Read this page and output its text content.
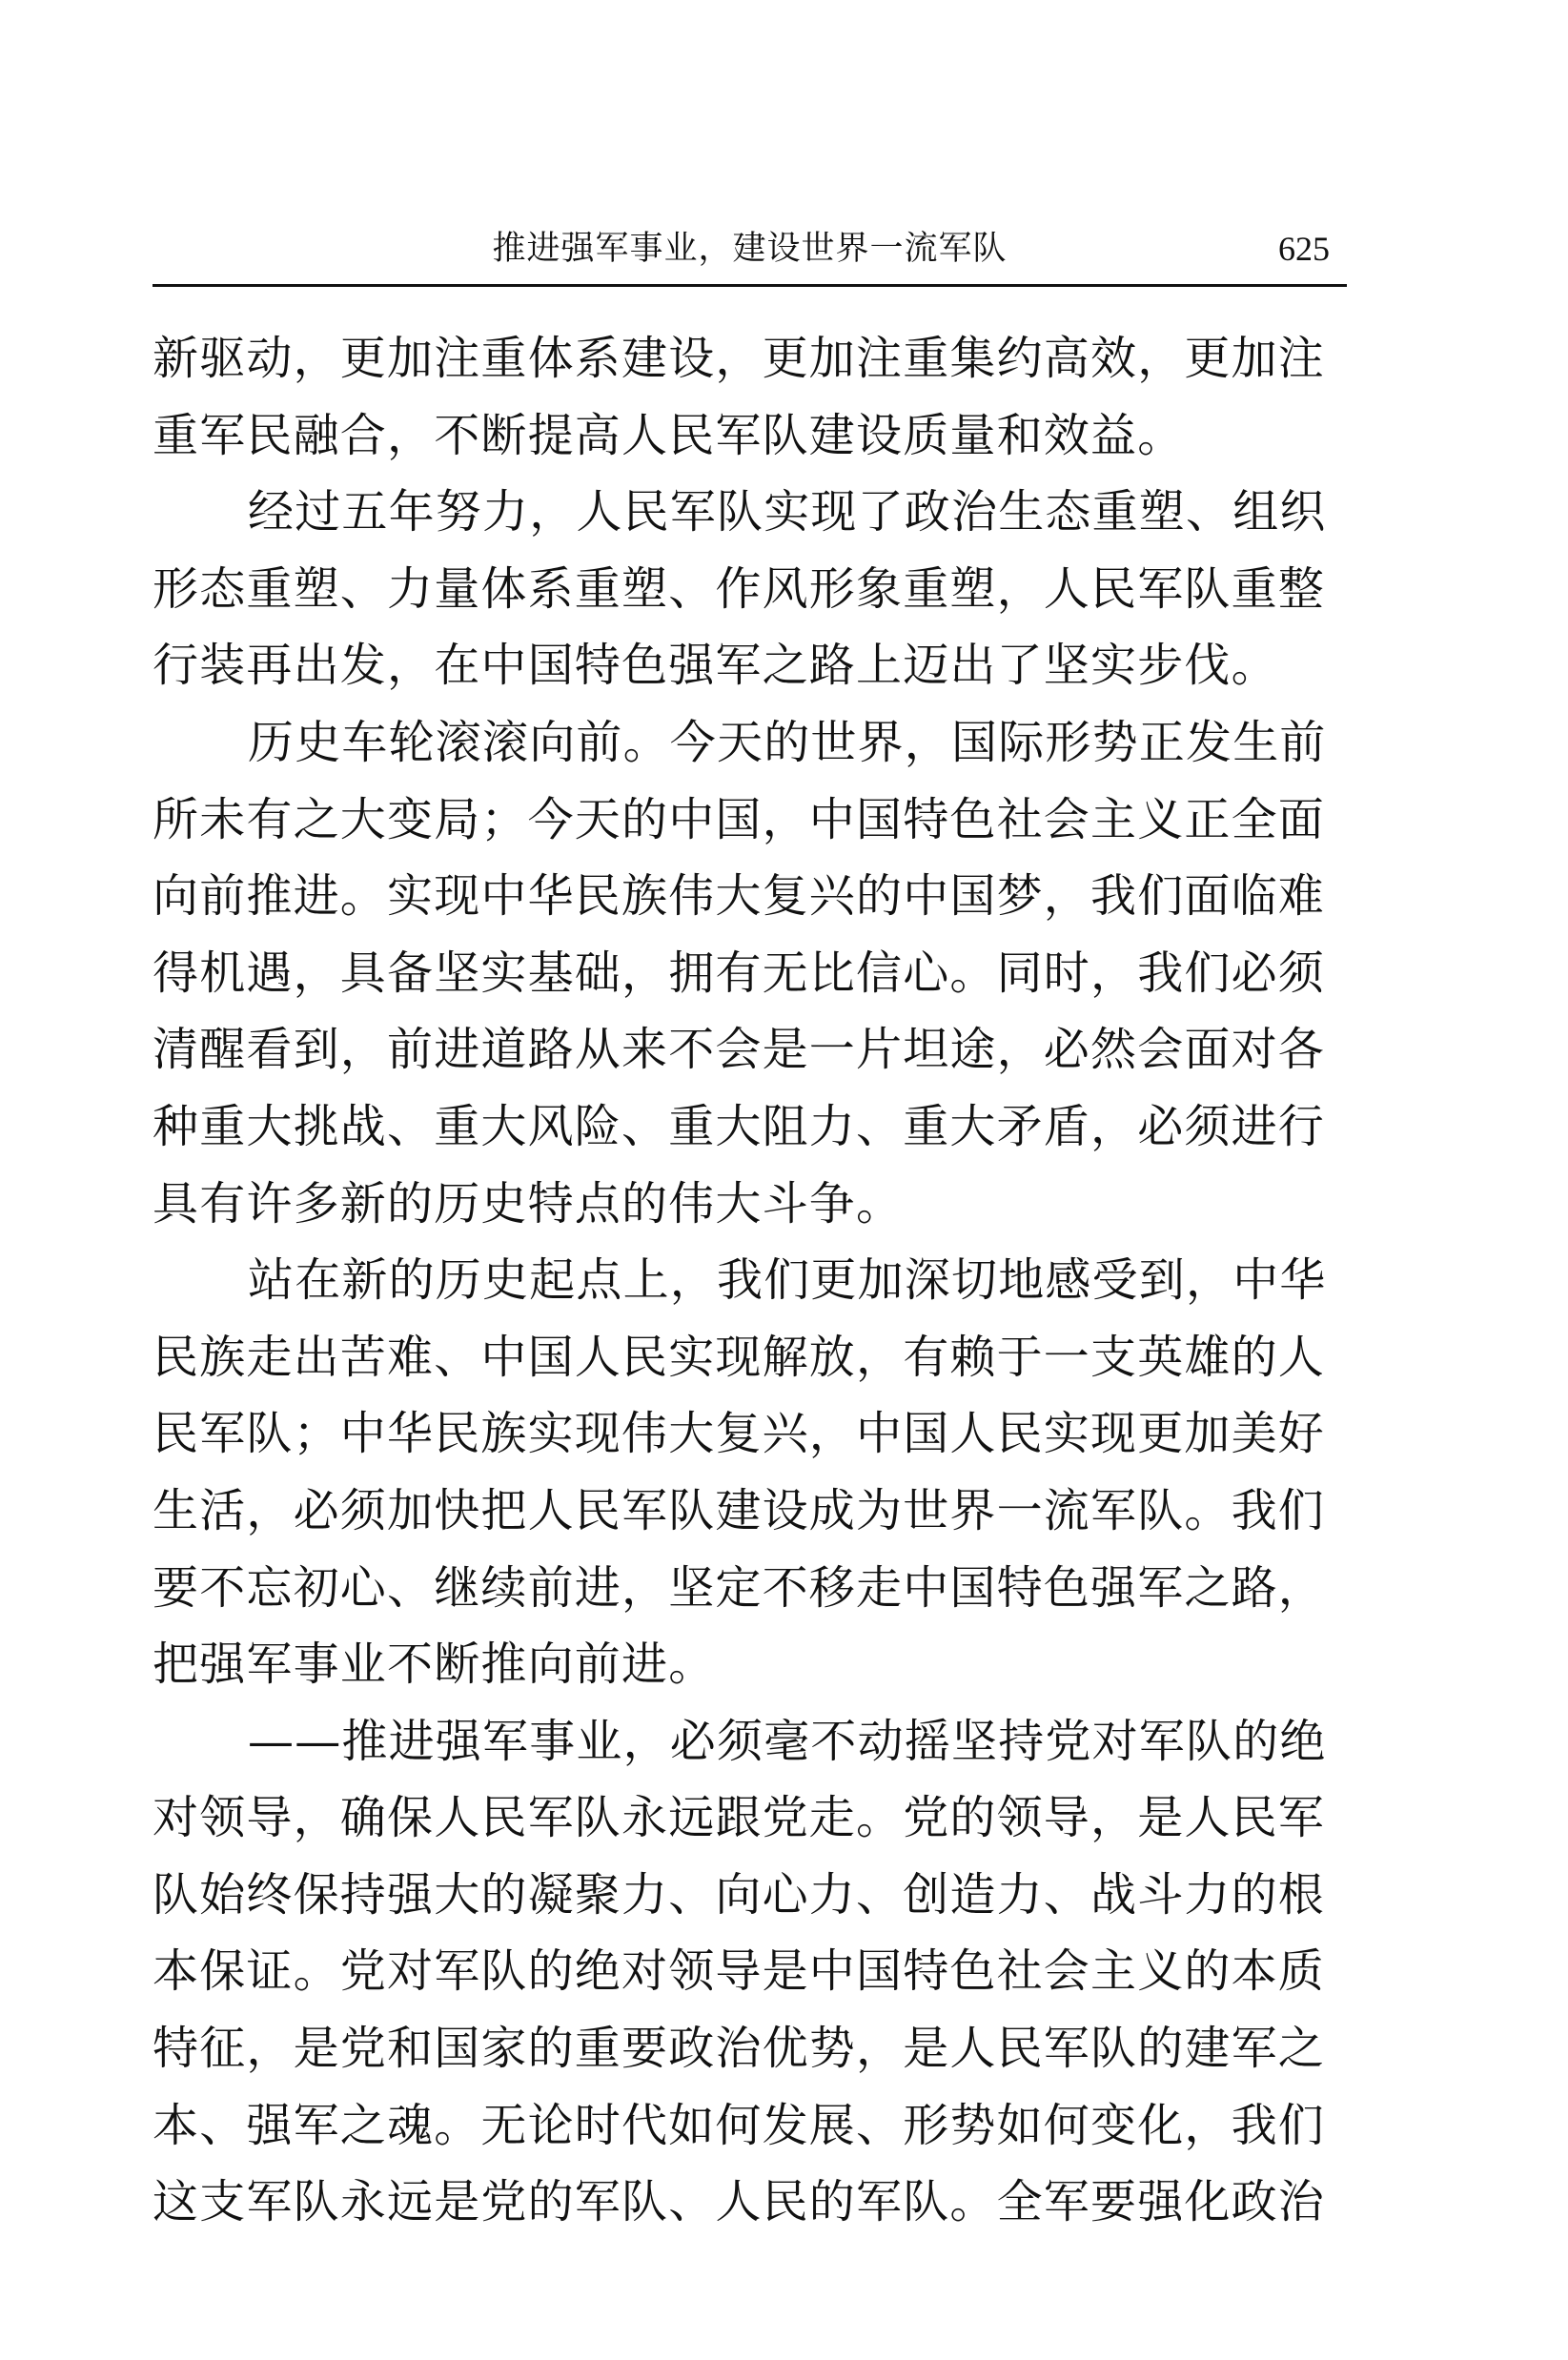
推进强军事业，建设世界一流军队	625
新驱动，更加注重体系建设，更加注重集约高效，更加注
重军民融合，不断提高人民军队建设质量和效益。
经过五年努力，人民军队实现了政治生态重塑、组织
形态重塑、力量体系重塑、作风形象重塑，人民军队重整
行装再出发，在中国特色强军之路上迈出了坚实步伐。
历史车轮滚滚向前。今天的世界，国际形势正发生前
所未有之大变局；今天的中国，中国特色社会主义正全面
向前推进。实现中华民族伟大复兴的中国梦，我们面临难
得机遇，具备坚实基础，拥有无比信心。同时，我们必须
清醒看到，前进道路从来不会是一片坦途，必然会面对各
种重大挑战、重大风险、重大阻力、重大矛盾，必须进行
具有许多新的历史特点的伟大斗争。
站在新的历史起点上，我们更加深切地感受到，中华
民族走出苦难、中国人民实现解放，有赖于一支英雄的人
民军队；中华民族实现伟大复兴，中国人民实现更加美好
生活，必须加快把人民军队建设成为世界一流军队。我们
要不忘初心、继续前进，坚定不移走中国特色强军之路，
把强军事业不断推向前进。
——推进强军事业，必须毫不动摇坚持党对军队的绝
对领导，确保人民军队永远跟党走。党的领导，是人民军
队始终保持强大的凝聚力、向心力、创造力、战斗力的根
本保证。党对军队的绝对领导是中国特色社会主义的本质
特征，是党和国家的重要政治优势，是人民军队的建军之
本、强军之魂。无论时代如何发展、形势如何变化，我们
这支军队永远是党的军队、人民的军队。全军要强化政治
